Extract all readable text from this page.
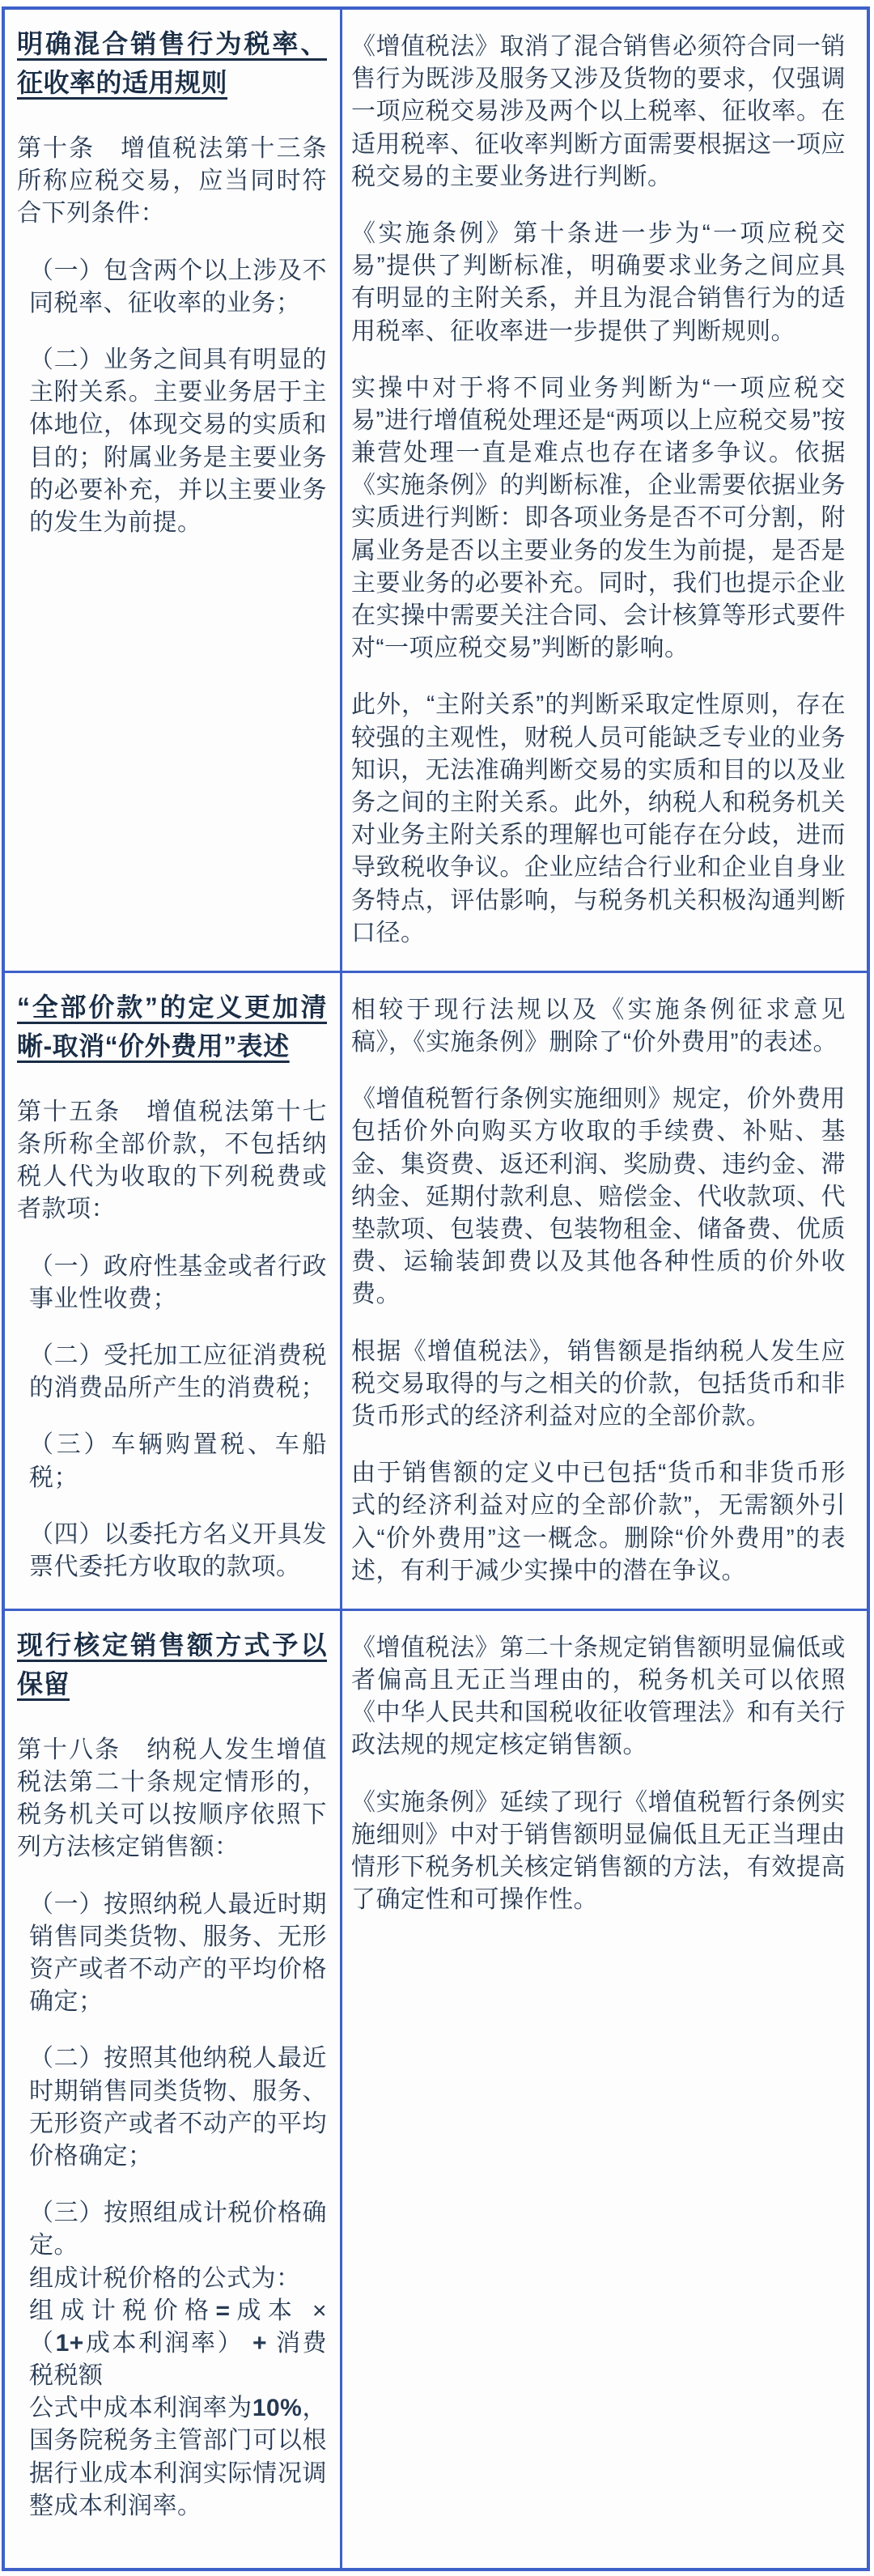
明确混合销售行为税率、征收率的适用规则

第十条　增值税法第十三条所称应税交易，应当同时符合下列条件：

（一）包含两个以上涉及不同税率、征收率的业务；

（二）业务之间具有明显的主附关系。主要业务居于主体地位，体现交易的实质和目的；附属业务是主要业务的必要补充，并以主要业务的发生为前提。

《增值税法》取消了混合销售必须符合同一销售行为既涉及服务又涉及货物的要求，仅强调一项应税交易涉及两个以上税率、征收率。在适用税率、征收率判断方面需要根据这一项应税交易的主要业务进行判断。

《实施条例》第十条进一步为“一项应税交易”提供了判断标准，明确要求业务之间应具有明显的主附关系，并且为混合销售行为的适用税率、征收率进一步提供了判断规则。

实操中对于将不同业务判断为“一项应税交易”进行增值税处理还是“两项以上应税交易”按兼营处理一直是难点也存在诸多争议。依据《实施条例》的判断标准，企业需要依据业务实质进行判断：即各项业务是否不可分割，附属业务是否以主要业务的发生为前提，是否是主要业务的必要补充。同时，我们也提示企业在实操中需要关注合同、会计核算等形式要件对“一项应税交易”判断的影响。

此外，“主附关系”的判断采取定性原则，存在较强的主观性，财税人员可能缺乏专业的业务知识，无法准确判断交易的实质和目的以及业务之间的主附关系。此外，纳税人和税务机关对业务主附关系的理解也可能存在分歧，进而导致税收争议。企业应结合行业和企业自身业务特点，评估影响，与税务机关积极沟通判断口径。

“全部价款”的定义更加清晰-取消“价外费用”表述

第十五条　增值税法第十七条所称全部价款，不包括纳税人代为收取的下列税费或者款项：

（一）政府性基金或者行政事业性收费；

（二）受托加工应征消费税的消费品所产生的消费税；

（三）车辆购置税、车船税；

（四）以委托方名义开具发票代委托方收取的款项。

相较于现行法规以及《实施条例征求意见稿》，《实施条例》删除了“价外费用”的表述。

《增值税暂行条例实施细则》规定，价外费用包括价外向购买方收取的手续费、补贴、基金、集资费、返还利润、奖励费、违约金、滞纳金、延期付款利息、赔偿金、代收款项、代垫款项、包装费、包装物租金、储备费、优质费、运输装卸费以及其他各种性质的价外收费。

根据《增值税法》，销售额是指纳税人发生应税交易取得的与之相关的价款，包括货币和非货币形式的经济利益对应的全部价款。

由于销售额的定义中已包括“货币和非货币形式的经济利益对应的全部价款”，无需额外引入“价外费用”这一概念。删除“价外费用”的表述，有利于减少实操中的潜在争议。

现行核定销售额方式予以保留

第十八条　纳税人发生增值税法第二十条规定情形的，税务机关可以按顺序依照下列方法核定销售额：

（一）按照纳税人最近时期销售同类货物、服务、无形资产或者不动产的平均价格确定；

（二）按照其他纳税人最近时期销售同类货物、服务、无形资产或者不动产的平均价格确定；

（三）按照组成计税价格确定。

组成计税价格的公式为：

组成计税价格=成本 ×（1+成本利润率） + 消费税税额

公式中成本利润率为10%，国务院税务主管部门可以根据行业成本利润实际情况调整成本利润率。

《增值税法》第二十条规定销售额明显偏低或者偏高且无正当理由的，税务机关可以依照《中华人民共和国税收征收管理法》和有关行政法规的规定核定销售额。

《实施条例》延续了现行《增值税暂行条例实施细则》中对于销售额明显偏低且无正当理由情形下税务机关核定销售额的方法，有效提高了确定性和可操作性。
